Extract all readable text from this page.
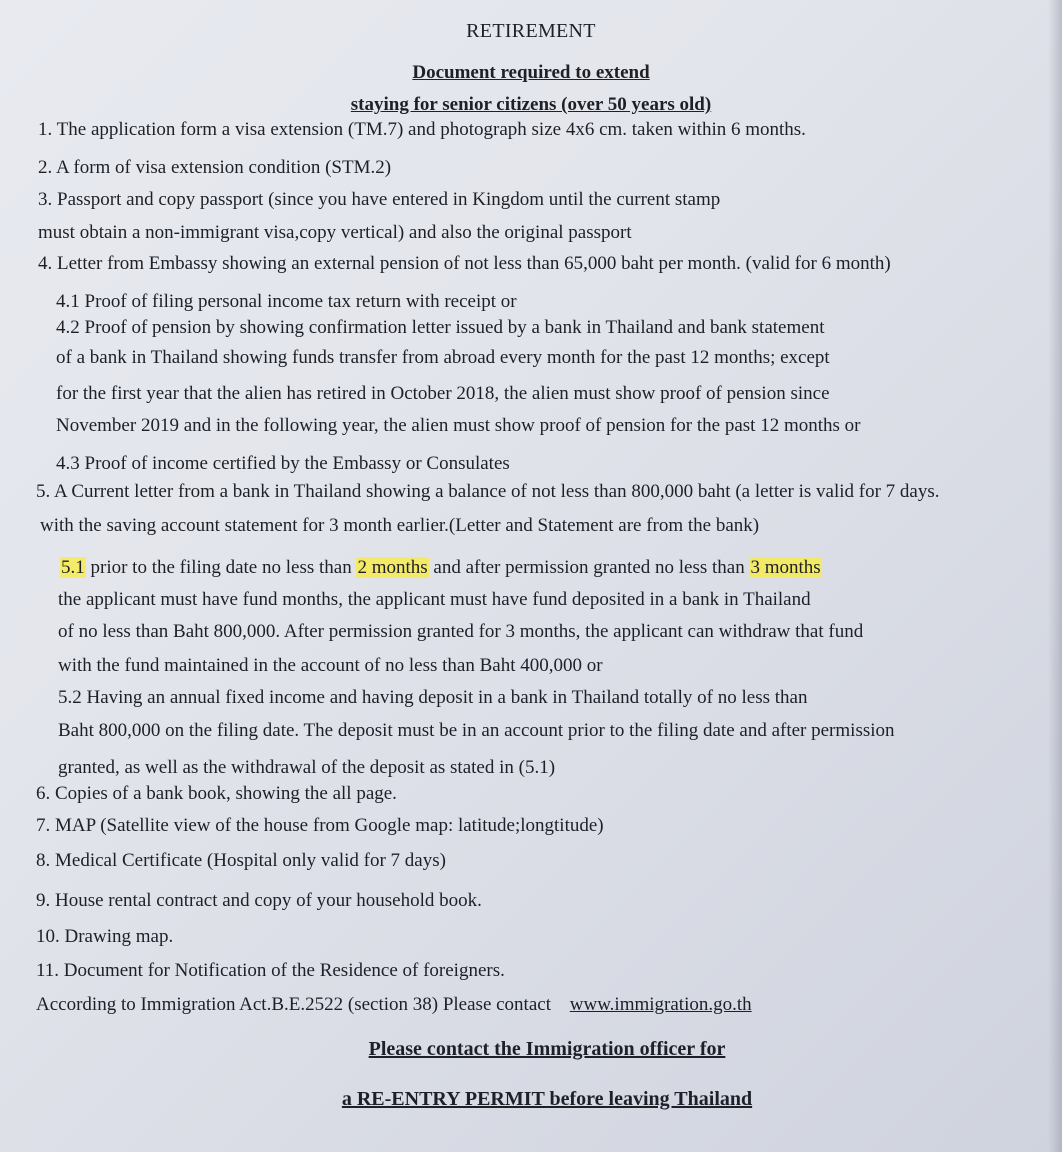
RETIREMENT
Document required to extend
staying for senior citizens (over 50 years old)
1. The application form a visa extension (TM.7) and photograph size 4x6 cm. taken within 6 months.
2. A form of visa extension condition (STM.2)
3. Passport and copy passport (since you have entered in Kingdom until the current stamp
must obtain a non-immigrant visa,copy vertical) and also the original passport
4. Letter from Embassy showing an external pension of not less than 65,000 baht per month. (valid for 6 month)
4.1 Proof of filing personal income tax return with receipt or
4.2 Proof of pension by showing confirmation letter issued by a bank in Thailand and bank statement
of a bank in Thailand showing funds transfer from abroad every month for the past 12 months; except
for the first year that the alien has retired in October 2018, the alien must show proof of pension since
November 2019 and in the following year, the alien must show proof of pension for the past 12 months or
4.3 Proof of income certified by the Embassy or Consulates
5. A Current letter from a bank in Thailand showing a balance of not less than 800,000 baht (a letter is valid for 7 days.
with the saving account statement for 3 month earlier.(Letter and Statement are from the bank)
5.1 prior to the filing date no less than 2 months and after permission granted no less than 3 months
the applicant must have fund months, the applicant must have fund deposited in a bank in Thailand
of no less than Baht 800,000. After permission granted for 3 months, the applicant can withdraw that fund
with the fund maintained in the account of no less than Baht 400,000 or
5.2 Having an annual fixed income and having deposit in a bank in Thailand totally of no less than
Baht 800,000 on the filing date. The deposit must be in an account prior to the filing date and after permission
granted, as well as the withdrawal of the deposit as stated in (5.1)
6. Copies of a bank book, showing the all page.
7. MAP (Satellite view of the house from Google map: latitude;longtitude)
8. Medical Certificate (Hospital only valid for 7 days)
9. House rental contract and copy of your household book.
10. Drawing map.
11. Document for Notification of the Residence of foreigners.
According to Immigration Act.B.E.2522 (section 38) Please contact www.immigration.go.th
Please contact the Immigration officer for
a RE-ENTRY PERMIT before leaving Thailand
